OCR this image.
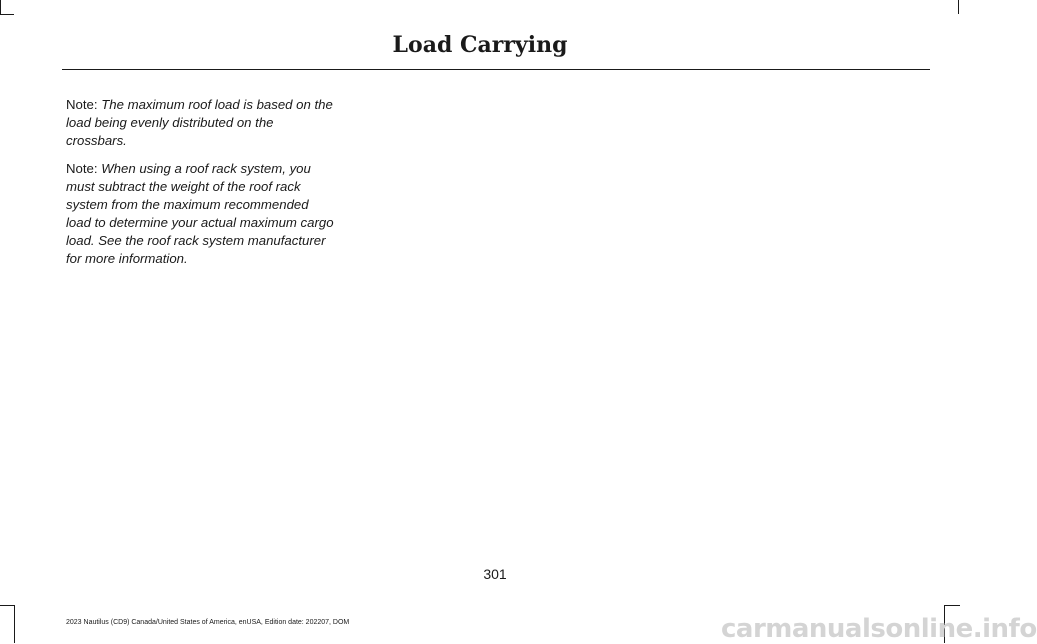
Load Carrying

Note: The maximum roof load is based on the load being evenly distributed on the crossbars.

Note: When using a roof rack system, you must subtract the weight of the roof rack system from the maximum recommended load to determine your actual maximum cargo load. See the roof rack system manufacturer for more information.

301
2023 Nautilus (CD9) Canada/United States of America, enUSA, Edition date: 202207, DOM	carmanualsonline.info
